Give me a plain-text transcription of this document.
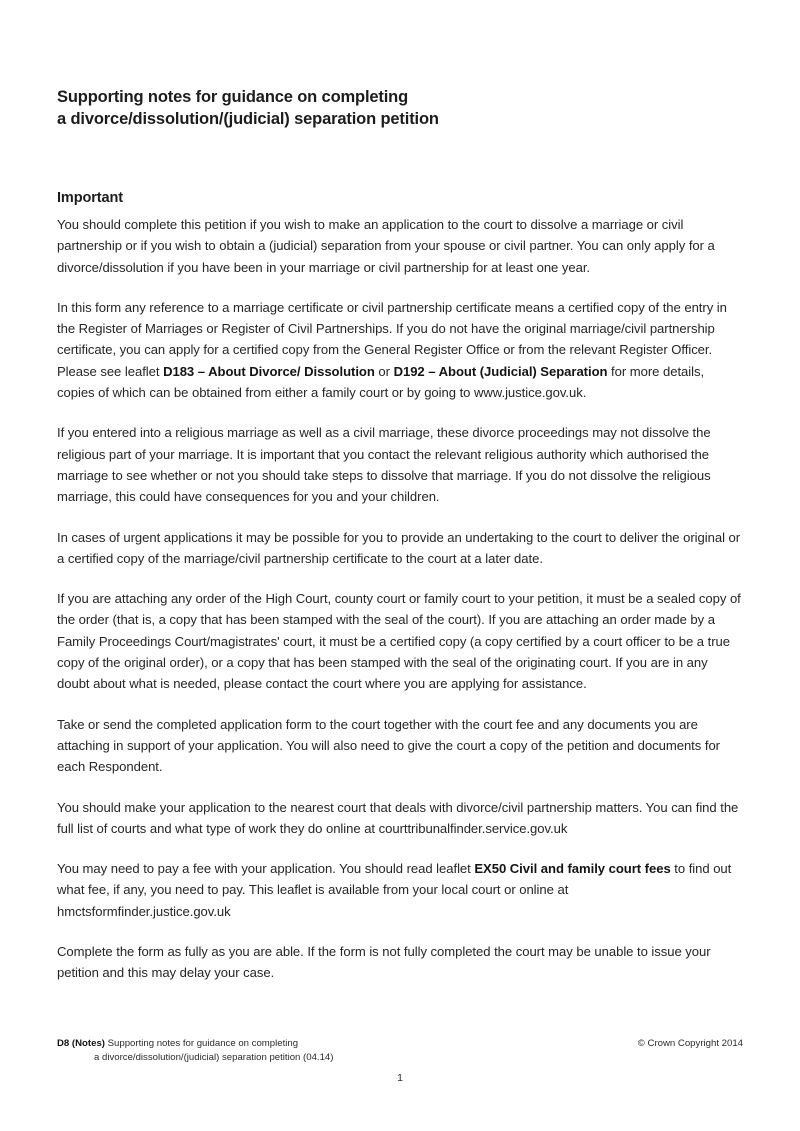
Supporting notes for guidance on completing
a divorce/dissolution/(judicial) separation petition
Important

You should complete this petition if you wish to make an application to the court to dissolve a marriage or civil partnership or if you wish to obtain a (judicial) separation from your spouse or civil partner. You can only apply for a divorce/dissolution if you have been in your marriage or civil partnership for at least one year.

In this form any reference to a marriage certificate or civil partnership certificate means a certified copy of the entry in the Register of Marriages or Register of Civil Partnerships. If you do not have the original marriage/civil partnership certificate, you can apply for a certified copy from the General Register Office or from the relevant Register Officer. Please see leaflet D183 – About Divorce/ Dissolution or D192 – About (Judicial) Separation for more details, copies of which can be obtained from either a family court or by going to www.justice.gov.uk.

If you entered into a religious marriage as well as a civil marriage, these divorce proceedings may not dissolve the religious part of your marriage. It is important that you contact the relevant religious authority which authorised the marriage to see whether or not you should take steps to dissolve that marriage. If you do not dissolve the religious marriage, this could have consequences for you and your children.

In cases of urgent applications it may be possible for you to provide an undertaking to the court to deliver the original or a certified copy of the marriage/civil partnership certificate to the court at a later date.

If you are attaching any order of the High Court, county court or family court to your petition, it must be a sealed copy of the order (that is, a copy that has been stamped with the seal of the court). If you are attaching an order made by a Family Proceedings Court/magistrates' court, it must be a certified copy (a copy certified by a court officer to be a true copy of the original order), or a copy that has been stamped with the seal of the originating court. If you are in any doubt about what is needed, please contact the court where you are applying for assistance.

Take or send the completed application form to the court together with the court fee and any documents you are attaching in support of your application. You will also need to give the court a copy of the petition and documents for each Respondent.

You should make your application to the nearest court that deals with divorce/civil partnership matters. You can find the full list of courts and what type of work they do online at courttribunalfinder.service.gov.uk

You may need to pay a fee with your application. You should read leaflet EX50 Civil and family court fees to find out what fee, if any, you need to pay. This leaflet is available from your local court or online at hmctsformfinder.justice.gov.uk

Complete the form as fully as you are able. If the form is not fully completed the court may be unable to issue your petition and this may delay your case.

D8 (Notes) Supporting notes for guidance on completing
a divorce/dissolution/(judicial) separation petition (04.14)
© Crown Copyright 2014
1
